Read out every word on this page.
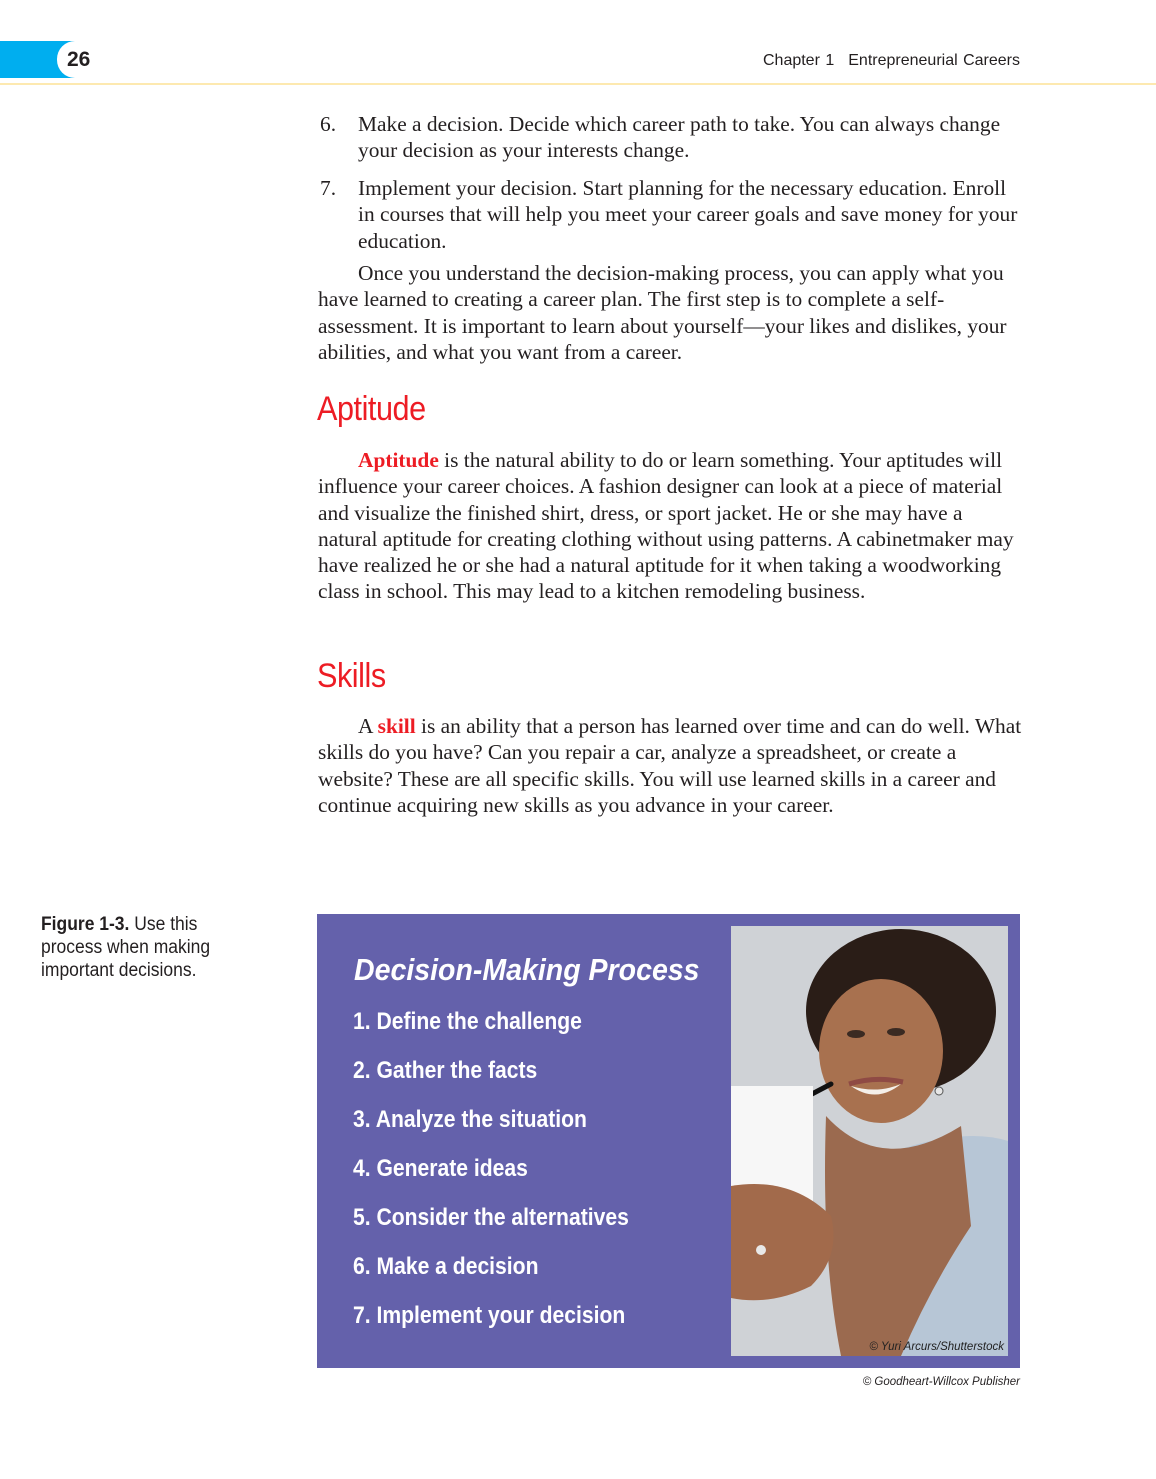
26	Chapter 1 Entrepreneurial Careers
6.	Make a decision. Decide which career path to take. You can always change your decision as your interests change.
7.	Implement your decision. Start planning for the necessary education. Enroll in courses that will help you meet your career goals and save money for your education.

Once you understand the decision-making process, you can apply what you have learned to creating a career plan. The first step is to complete a self-assessment. It is important to learn about yourself—your likes and dislikes, your abilities, and what you want from a career.

Aptitude

Aptitude is the natural ability to do or learn something. Your aptitudes will influence your career choices. A fashion designer can look at a piece of material and visualize the finished shirt, dress, or sport jacket. He or she may have a natural aptitude for creating clothing without using patterns. A cabinetmaker may have realized he or she had a natural aptitude for it when taking a woodworking class in school. This may lead to a kitchen remodeling business.

Skills

A skill is an ability that a person has learned over time and can do well. What skills do you have? Can you repair a car, analyze a spreadsheet, or create a website? These are all specific skills. You will use learned skills in a career and continue acquiring new skills as you advance in your career.

Figure 1-3. Use this process when making important decisions.	Decision-Making Process
1. Define the challenge
2. Gather the facts
3. Analyze the situation
4. Generate ideas
5. Consider the alternatives
6. Make a decision
7. Implement your decision
© Yuri Arcurs/Shutterstock
© Goodheart-Willcox Publisher
